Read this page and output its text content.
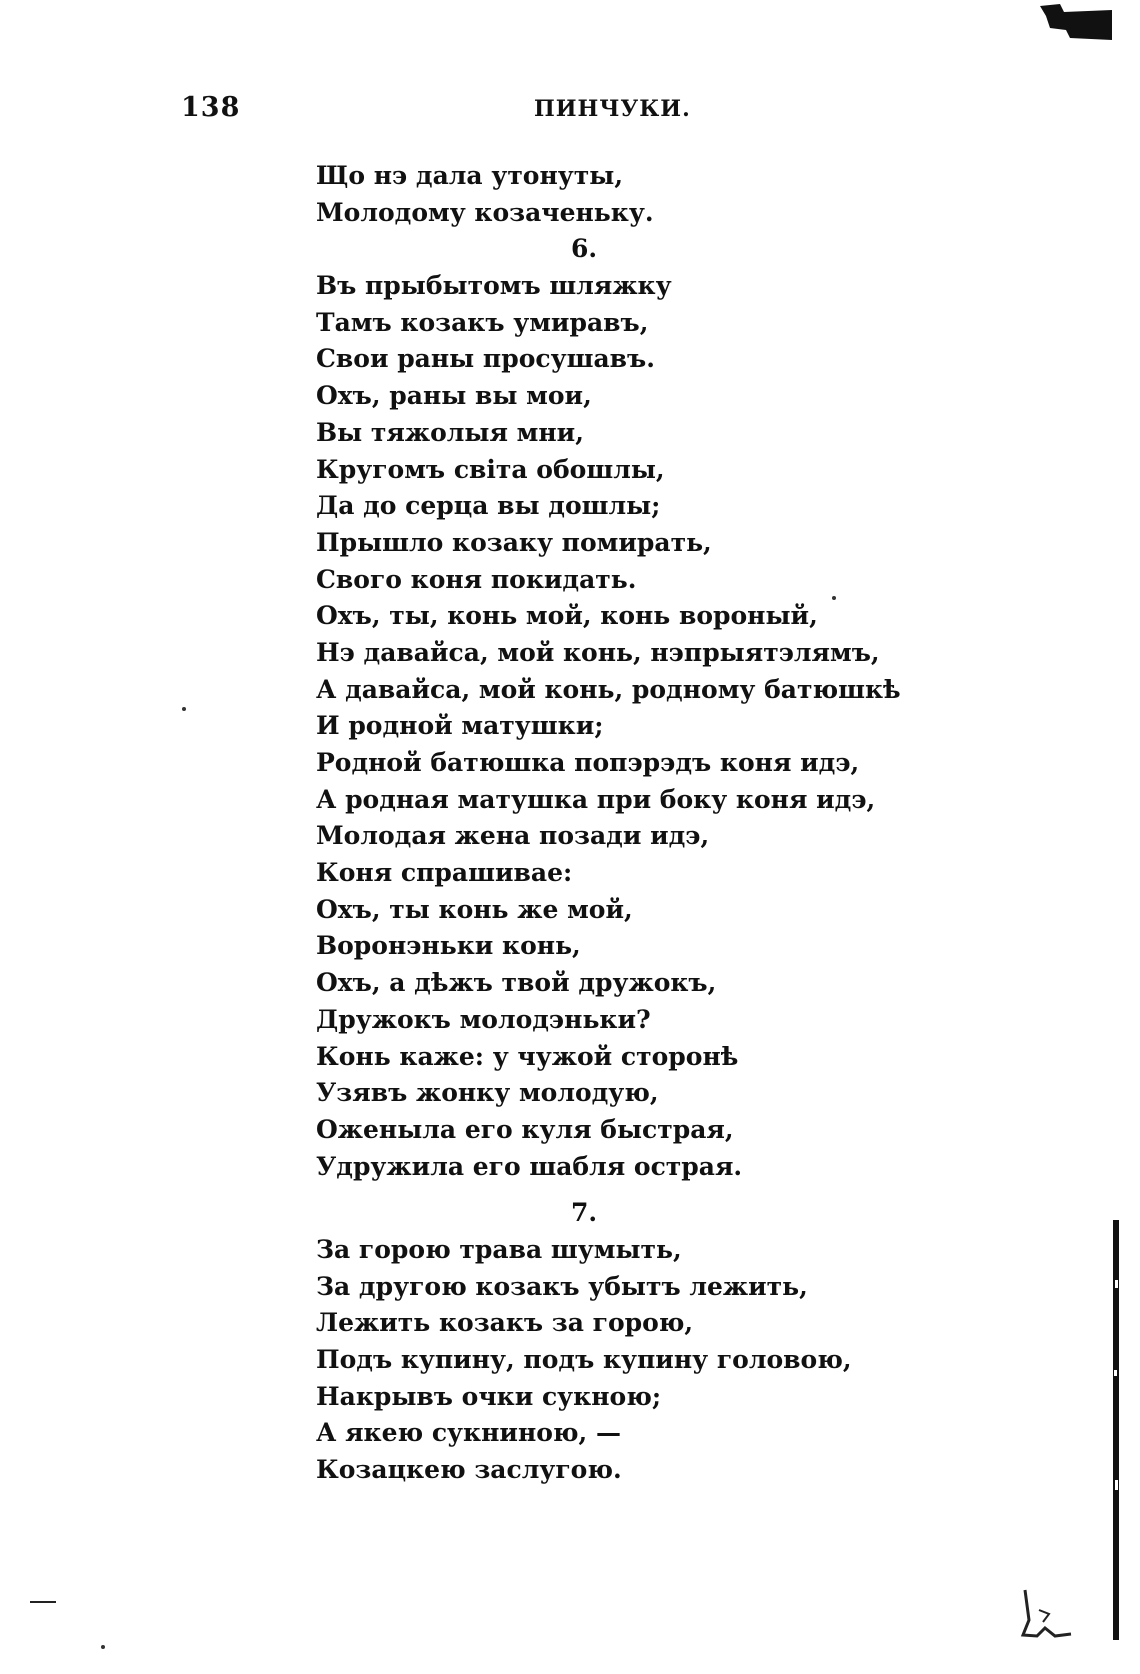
138	ПИНЧУКИ.
Що нэ дала утонуты,
Молодому козаченьку.
6.
Въ прыбытомъ шляжку
Тамъ козакъ умиравъ,
Свои раны просушавъ.
Охъ, раны вы мои,
Вы тяжолыя мни,
Кругомъ світа обошлы,
Да до серца вы дошлы;
Прышло козаку помирать,
Свого коня покидать.
Охъ, ты, конь мой, конь вороный,
Нэ давайса, мой конь, нэпрыятэлямъ,
А давайса, мой конь, родному батюшкѣ
И родной матушки;
Родной батюшка попэрэдъ коня идэ,
А родная матушка при боку коня идэ,
Молодая жена позади идэ,
Коня спрашивае:
Охъ, ты конь же мой,
Воронэньки конь,
Охъ, а дѣжъ твой дружокъ,
Дружокъ молодэньки?
Конь каже: у чужой сторонѣ
Узявъ жонку молодую,
Оженыла его куля быстрая,
Удружила его шабля острая.
7.
За горою трава шумыть,
За другою козакъ убытъ лежить,
Лежить козакъ за горою,
Подъ купину, подъ купину головою,
Накрывъ очки сукною;
А якею сукниною, —
Козацкею заслугою.
